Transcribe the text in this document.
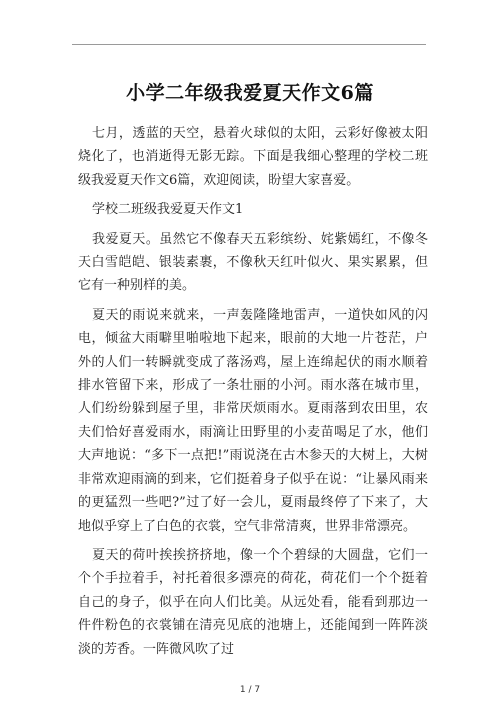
小学二年级我爱夏天作文6篇

七月，透蓝的天空，悬着火球似的太阳，云彩好像被太阳烧化了，也消逝得无影无踪。下面是我细心整理的学校二班级我爱夏天作文6篇，欢迎阅读，盼望大家喜爱。

学校二班级我爱夏天作文1

我爱夏天。虽然它不像春天五彩缤纷、姹紫嫣红，不像冬天白雪皑皑、银装素裹，不像秋天红叶似火、果实累累，但它有一种别样的美。

夏天的雨说来就来，一声轰隆隆地雷声，一道快如风的闪电，倾盆大雨噼里啪啦地下起来，眼前的大地一片苍茫，户外的人们一转瞬就变成了落汤鸡，屋上连绵起伏的雨水顺着排水管留下来，形成了一条壮丽的小河。雨水落在城市里，人们纷纷躲到屋子里，非常厌烦雨水。夏雨落到农田里，农夫们恰好喜爱雨水，雨滴让田野里的小麦苗喝足了水，他们大声地说：“多下一点把!”雨说浇在古木参天的大树上，大树非常欢迎雨滴的到来，它们挺着身子似乎在说：“让暴风雨来的更猛烈一些吧?”过了好一会儿，夏雨最终停了下来了，大地似乎穿上了白色的衣裳，空气非常清爽，世界非常漂亮。

夏天的荷叶挨挨挤挤地，像一个个碧绿的大圆盘，它们一个个手拉着手，衬托着很多漂亮的荷花，荷花们一个个挺着自己的身子，似乎在向人们比美。从远处看，能看到那边一件件粉色的衣裳铺在清亮见底的池塘上，还能闻到一阵阵淡淡的芳香。一阵微风吹了过

1 / 7
